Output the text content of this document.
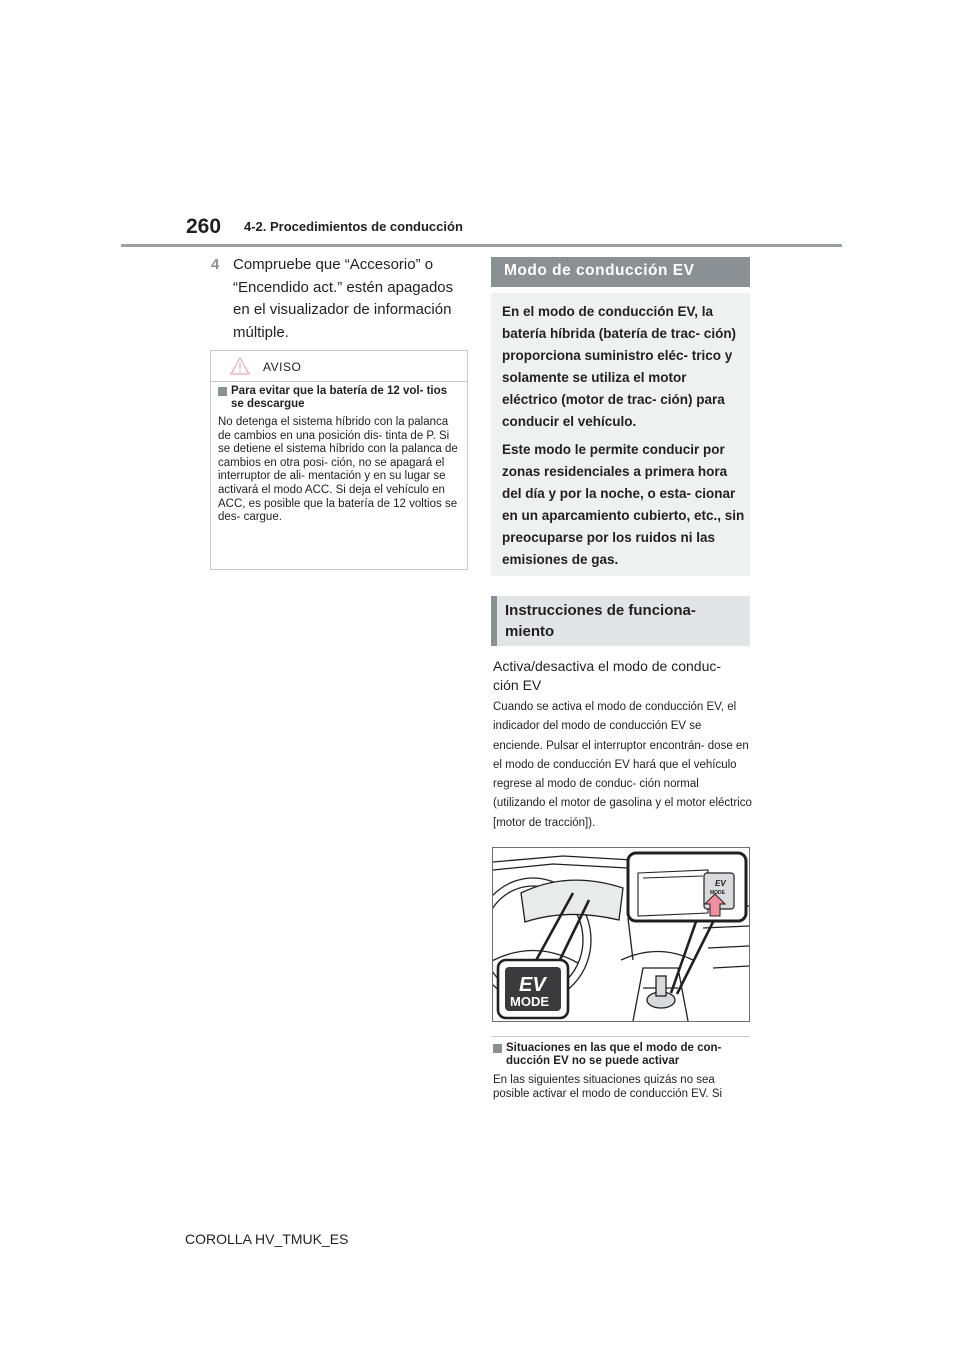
260 4-2. Procedimientos de conducción
4 Compruebe que “Accesorio” o “Encendido act.” estén apagados en el visualizador de información múltiple.
AVISO
Para evitar que la batería de 12 vol- tios se descargue
No detenga el sistema híbrido con la palanca de cambios en una posición dis- tinta de P. Si se detiene el sistema híbrido con la palanca de cambios en otra posi- ción, no se apagará el interruptor de ali- mentación y en su lugar se activará el modo ACC. Si deja el vehículo en ACC, es posible que la batería de 12 voltios se des- cargue.
Modo de conducción EV
En el modo de conducción EV, la batería híbrida (batería de trac- ción) proporciona suministro eléc- trico y solamente se utiliza el motor eléctrico (motor de trac- ción) para conducir el vehículo.
Este modo le permite conducir por zonas residenciales a primera hora del día y por la noche, o esta- cionar en un aparcamiento cubierto, etc., sin preocuparse por los ruidos ni las emisiones de gas.
Instrucciones de funciona- miento
Activa/desactiva el modo de conduc- ción EV
Cuando se activa el modo de conducción EV, el indicador del modo de conducción EV se enciende. Pulsar el interruptor encontrán- dose en el modo de conducción EV hará que el vehículo regrese al modo de conduc- ción normal (utilizando el motor de gasolina y el motor eléctrico [motor de tracción]).
EV
MODE
EV
MODE
Situaciones en las que el modo de con- ducción EV no se puede activar
En las siguientes situaciones quizás no sea posible activar el modo de conducción EV. Si
COROLLA HV_TMUK_ES
